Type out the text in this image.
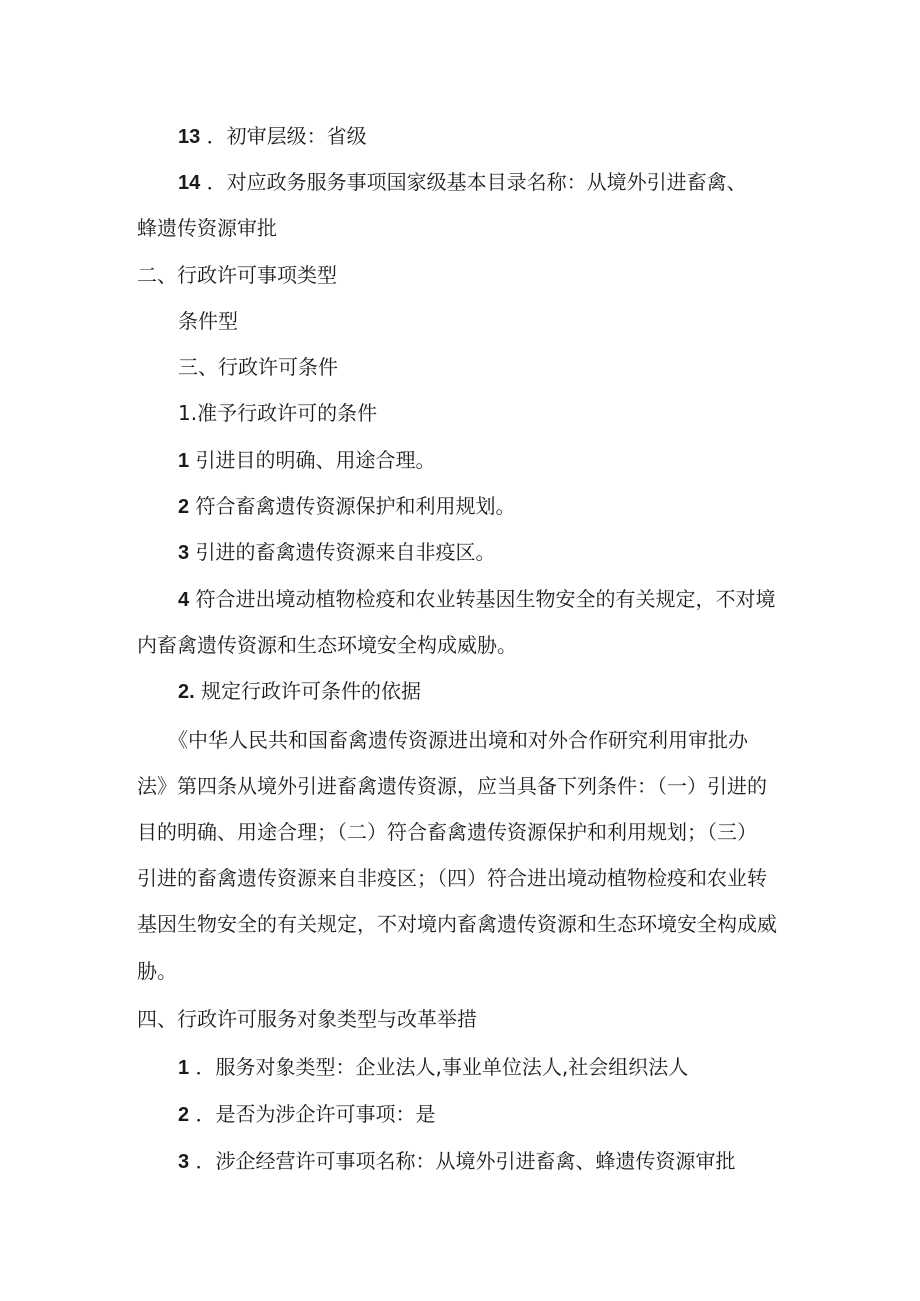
13 ．初审层级：省级
14 ．对应政务服务事项国家级基本目录名称：从境外引进畜禽、
蜂遗传资源审批
二、行政许可事项类型
条件型
三、行政许可条件
1.准予行政许可的条件
1 引进目的明确、用途合理。
2 符合畜禽遗传资源保护和利用规划。
3 引进的畜禽遗传资源来自非疫区。
4 符合进出境动植物检疫和农业转基因生物安全的有关规定，不对境
内畜禽遗传资源和生态环境安全构成威胁。
2. 规定行政许可条件的依据
《中华人民共和国畜禽遗传资源进出境和对外合作研究利用审批办
法》第四条从境外引进畜禽遗传资源，应当具备下列条件：（一）引进的
目的明确、用途合理；（二）符合畜禽遗传资源保护和利用规划；（三）
引进的畜禽遗传资源来自非疫区；（四）符合进出境动植物检疫和农业转
基因生物安全的有关规定，不对境内畜禽遗传资源和生态环境安全构成威
胁。
四、行政许可服务对象类型与改革举措
1 ．服务对象类型：企业法人,事业单位法人,社会组织法人
2 ．是否为涉企许可事项：是
3 ．涉企经营许可事项名称：从境外引进畜禽、蜂遗传资源审批
